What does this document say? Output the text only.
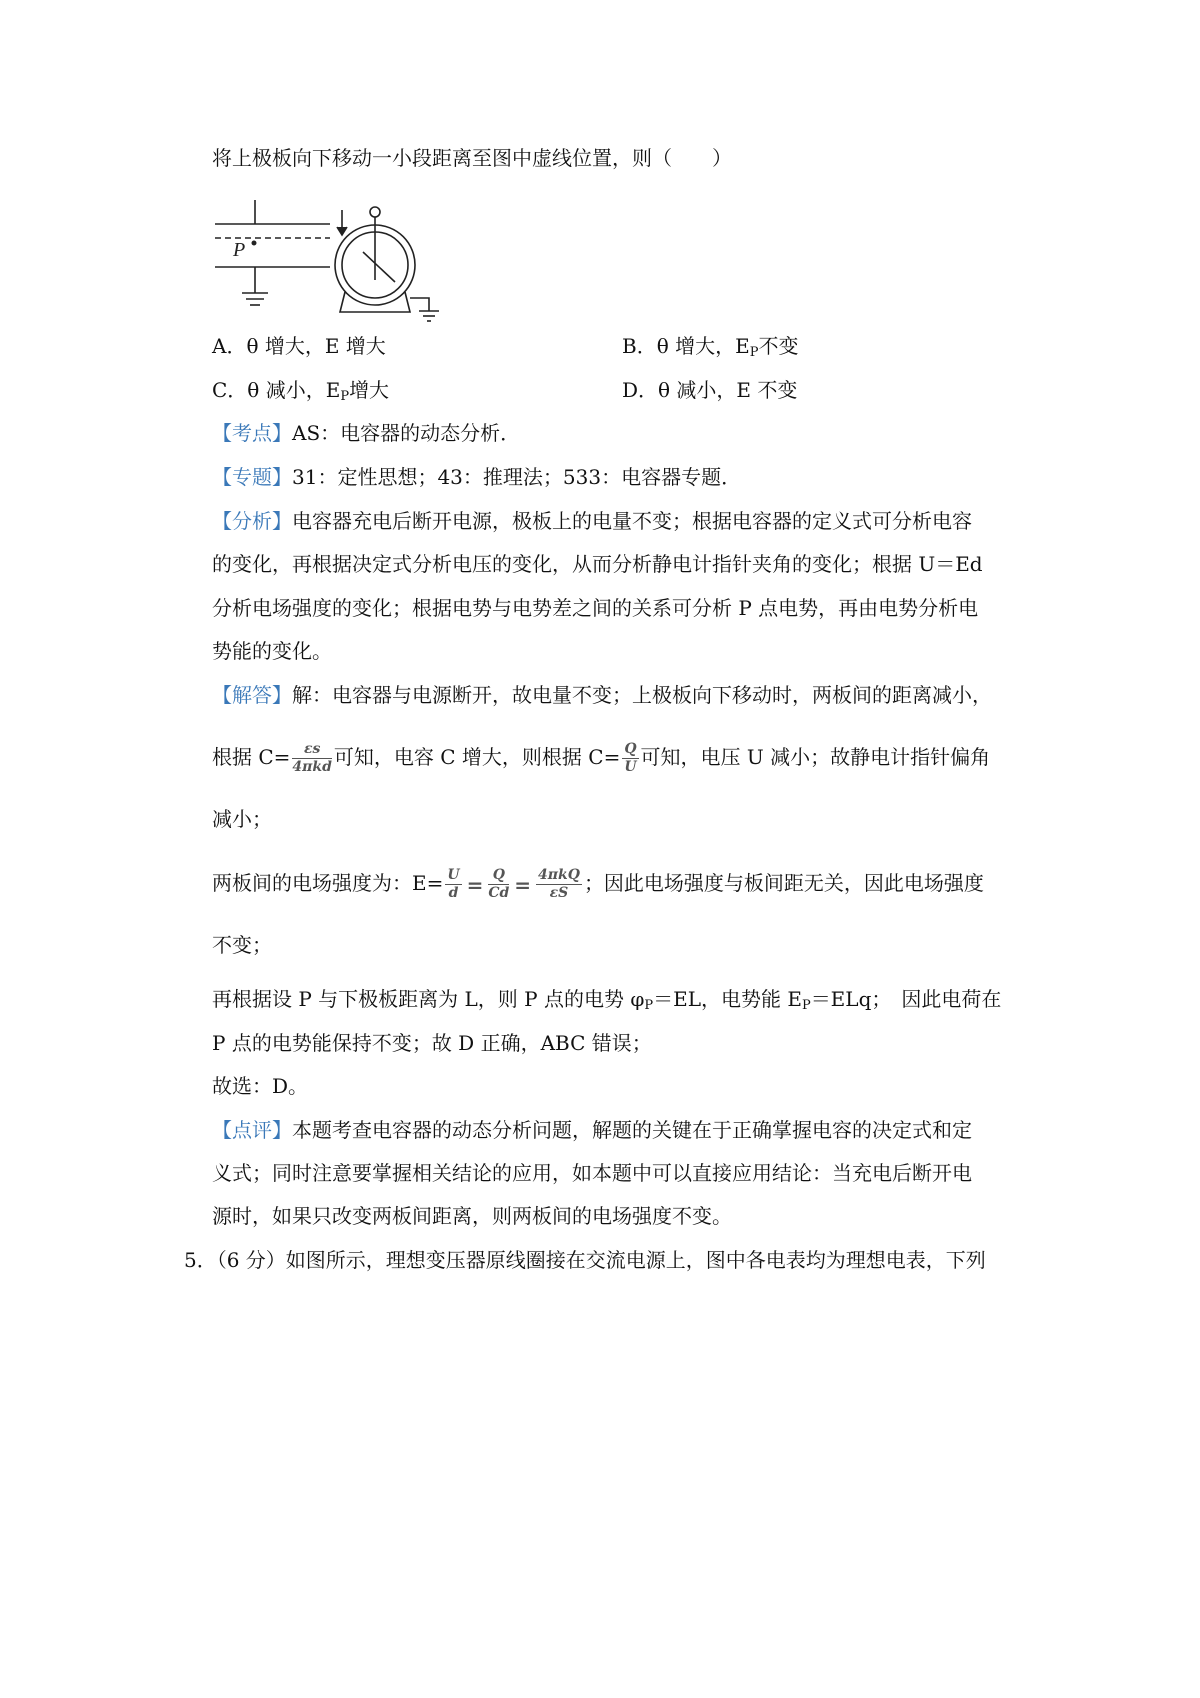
将上极板向下移动一小段距离至图中虚线位置，则（　　）
P
A．θ 增大，E 增大	B．θ 增大，$E_P$不变
C．θ 减小，$E_P$增大	D．θ 减小，E 不变
【考点】AS：电容器的动态分析．
【专题】31：定性思想；43：推理法；533：电容器专题．
【分析】电容器充电后断开电源，极板上的电量不变；根据电容器的定义式可分析电容
的变化，再根据决定式分析电压的变化，从而分析静电计指针夹角的变化；根据 U＝Ed
分析电场强度的变化；根据电势与电势差之间的关系可分析 P 点电势，再由电势分析电
势能的变化。
【解答】解：电容器与电源断开，故电量不变；上极板向下移动时，两板间的距离减小，
根据 $C= \frac{\varepsilon s}{\text{4πkd}}$ 可知，电容 C 增大，则根据 $C= \frac{Q}{U}$ 可知，电压 U 减小；故静电计指针偏角
减小；
两板间的电场强度为：$E= \frac{U}{d} = \frac{Q}{Cd} = \frac{\text{4πkQ}}{\varepsilon S}$ ；因此电场强度与板间距无关，因此电场强度
不变；
再根据设 P 与下极板距离为 L，则 P 点的电势 $\varphi_P=EL$，电势能 $E_P=ELq$；　因此电荷在
P 点的电势能保持不变；故 D 正确，ABC 错误；
故选：D。
【点评】本题考查电容器的动态分析问题，解题的关键在于正确掌握电容的决定式和定
义式；同时注意要掌握相关结论的应用，如本题中可以直接应用结论：当充电后断开电
源时，如果只改变两板间距离，则两板间的电场强度不变。
5．（6 分）如图所示，理想变压器原线圈接在交流电源上，图中各电表均为理想电表，下列
